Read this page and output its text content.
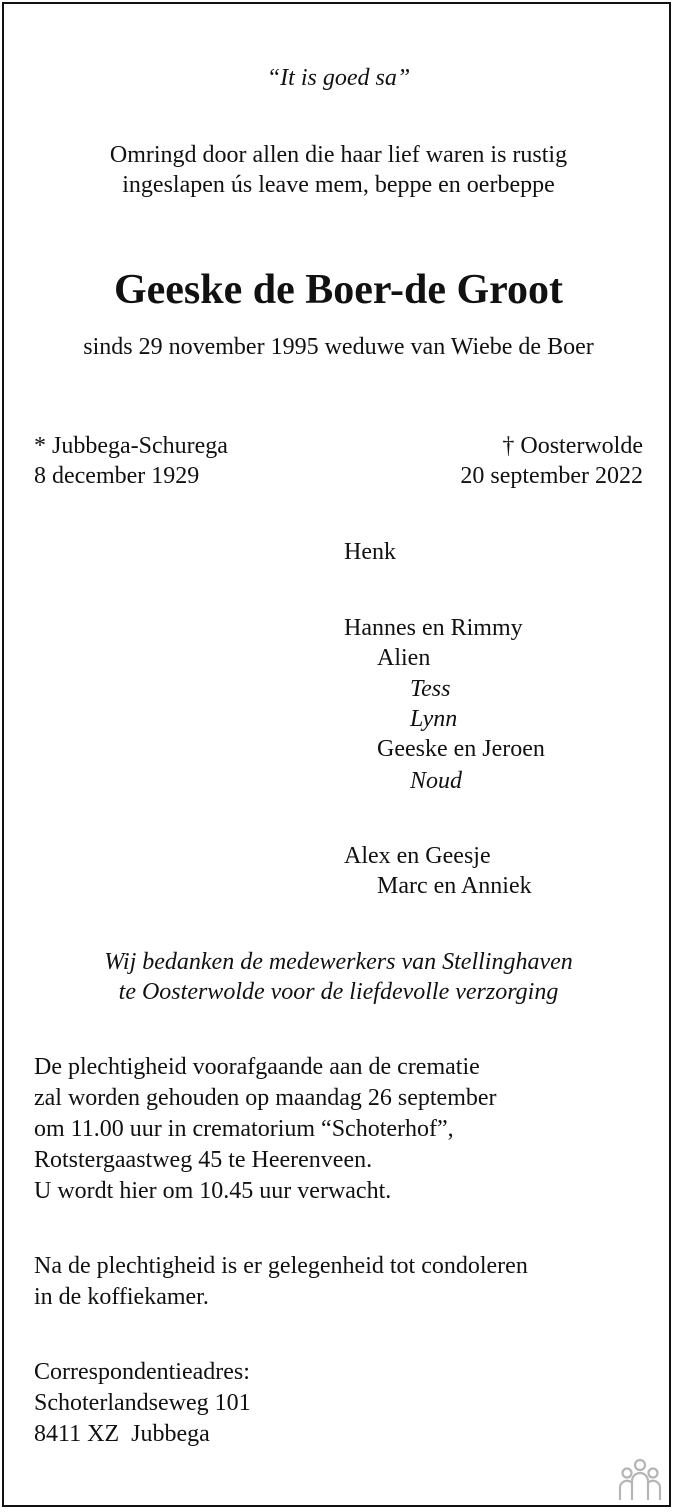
“It is goed sa”
Omringd door allen die haar lief waren is rustig
ingeslapen ús leave mem, beppe en oerbeppe
Geeske de Boer-de Groot
sinds 29 november 1995 weduwe van Wiebe de Boer
* Jubbega-Schurega
8 december 1929
† Oosterwolde
20 september 2022
Henk
Hannes en Rimmy
Alien
Tess
Lynn
Geeske en Jeroen
Noud
Alex en Geesje
Marc en Anniek
Wij bedanken de medewerkers van Stellinghaven
te Oosterwolde voor de liefdevolle verzorging
De plechtigheid voorafgaande aan de crematie
zal worden gehouden op maandag 26 september
om 11.00 uur in crematorium “Schoterhof”,
Rotstergaastweg 45 te Heerenveen.
U wordt hier om 10.45 uur verwacht.
Na de plechtigheid is er gelegenheid tot condoleren
in de koffiekamer.
Correspondentieadres:
Schoterlandseweg 101
8411 XZ  Jubbega
